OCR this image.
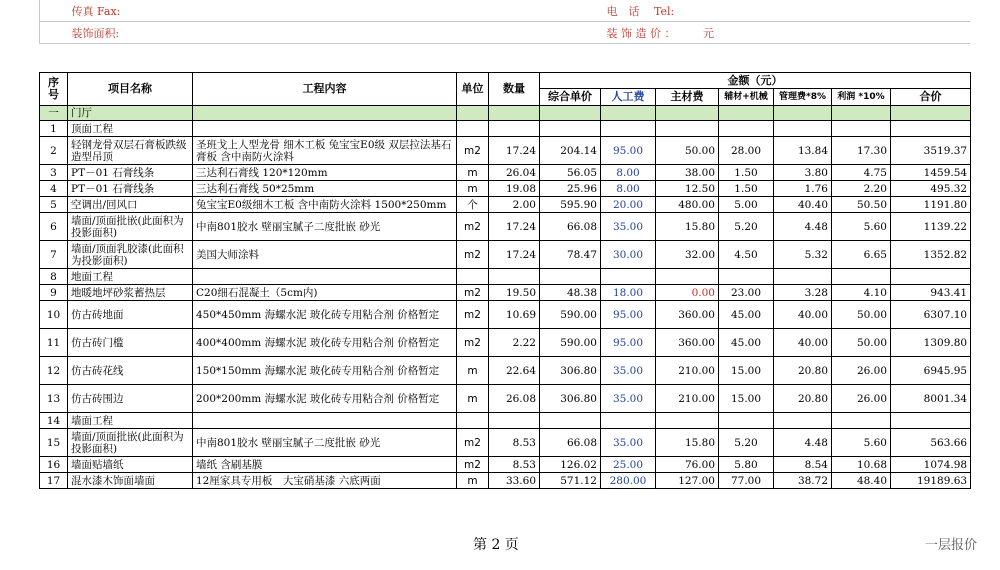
	传真 Fax:	电　话　 Tel:
	装饰面积:	装 饰 造 价 ：　　　元
序号	项目名称	工程内容	单位	数量	金额（元）						
					综合单价	人工费	主材费	辅材+机械	管理费*8%	利润 *10%	合价
一	门厅										
1	顶面工程										
2	轻钢龙骨双层石膏板跌级造型吊顶	圣班戈上人型龙骨 细木工板 兔宝宝E0级 双层拉法基石膏板 含中南防火涂料	m2	17.24	204.14	95.00	50.00	28.00	13.84	17.30	3519.37
3	PT－01 石膏线条	三达利石膏线 120*120mm	m	26.04	56.05	8.00	38.00	1.50	3.80	4.75	1459.54
4	PT－01 石膏线条	三达利石膏线 50*25mm	m	19.08	25.96	8.00	12.50	1.50	1.76	2.20	495.32
5	空调出/回风口	兔宝宝E0级细木工板 含中南防火涂料 1500*250mm	个	2.00	595.90	20.00	480.00	5.00	40.40	50.50	1191.80
6	墙面/顶面批嵌(此面积为投影面积)	中南801胶水 壁丽宝腻子二度批嵌 砂光	m2	17.24	66.08	35.00	15.80	5.20	4.48	5.60	1139.22
7	墙面/顶面乳胶漆(此面积为投影面积)	美国大师涂料	m2	17.24	78.47	30.00	32.00	4.50	5.32	6.65	1352.82
8	地面工程										
9	地暖地坪砂浆蓄热层	C20细石混凝土（5cm内)	m2	19.50	48.38	18.00	0.00	23.00	3.28	4.10	943.41
10	仿古砖地面	450*450mm 海螺水泥 玻化砖专用粘合剂 价格暂定	m2	10.69	590.00	95.00	360.00	45.00	40.00	50.00	6307.10
11	仿古砖门槛	400*400mm 海螺水泥 玻化砖专用粘合剂 价格暂定	m2	2.22	590.00	95.00	360.00	45.00	40.00	50.00	1309.80
12	仿古砖花线	150*150mm 海螺水泥 玻化砖专用粘合剂 价格暂定	m	22.64	306.80	35.00	210.00	15.00	20.80	26.00	6945.95
13	仿古砖围边	200*200mm 海螺水泥 玻化砖专用粘合剂 价格暂定	m	26.08	306.80	35.00	210.00	15.00	20.80	26.00	8001.34
14	墙面工程										
15	墙面/顶面批嵌(此面积为投影面积)	中南801胶水 壁丽宝腻子二度批嵌 砂光	m2	8.53	66.08	35.00	15.80	5.20	4.48	5.60	563.66
16	墙面贴墙纸	墙纸 含刷基膜	m2	8.53	126.02	25.00	76.00	5.80	8.54	10.68	1074.98
17	混水漆木饰面墙面	12厘家具专用板　大宝硝基漆 六底两面	m	33.60	571.12	280.00	127.00	77.00	38.72	48.40	19189.63
第 2 页	一层报价
